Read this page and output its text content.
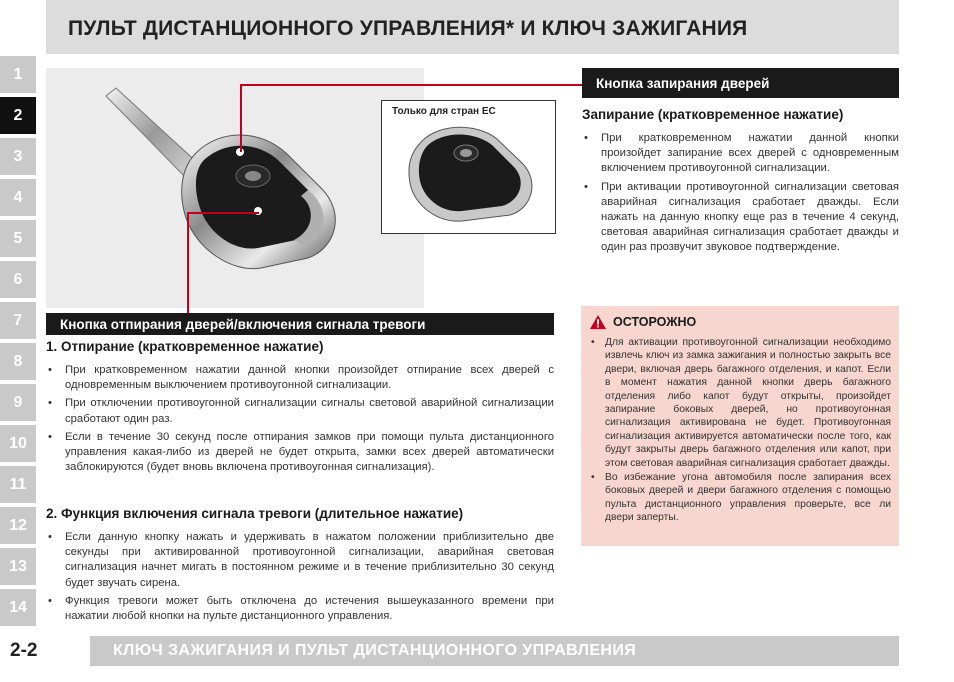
ПУЛЬТ ДИСТАНЦИОННОГО УПРАВЛЕНИЯ* И КЛЮЧ ЗАЖИГАНИЯ
1
2
3
4
5
6
7
8
9
10
11
12
13
14
Только для стран ЕС
Кнопка запирания дверей
Запирание (кратковременное нажатие)
• При кратковременном нажатии данной кнопки произойдет запирание всех дверей с одновременным включением противоугонной сигнализации.
• При активации противоугонной сигнализации световая аварийная сигнализация сработает дважды. Если нажать на данную кнопку еще раз в течение 4 секунд, световая аварийная сигнализация сработает дважды и один раз прозвучит звуковое подтверждение.
ОСТОРОЖНО
• Для активации противоугонной сигнализации необходимо извлечь ключ из замка зажигания и полностью закрыть все двери, включая дверь багажного отделения, и капот. Если в момент нажатия данной кнопки дверь багажного отделения либо капот будут открыты, произойдет запирание боковых дверей, но противоугонная сигнализация активирована не будет. Противоугонная сигнализация активируется автоматически после того, как будут закрыты дверь багажного отделения или капот, при этом световая аварийная сигнализация сработает дважды.
• Во избежание угона автомобиля после запирания всех боковых дверей и двери багажного отделения с помощью пульта дистанционного управления проверьте, все ли двери заперты.
Кнопка отпирания дверей/включения сигнала тревоги
1. Отпирание (кратковременное нажатие)
• При кратковременном нажатии данной кнопки произойдет отпирание всех дверей с одновременным выключением противоугонной сигнализации.
• При отключении противоугонной сигнализации сигналы световой аварийной сигнализации сработают один раз.
• Если в течение 30 секунд после отпирания замков при помощи пульта дистанционного управления какая-либо из дверей не будет открыта, замки всех дверей автоматически заблокируются (будет вновь включена противоугонная сигнализация).
2. Функция включения сигнала тревоги (длительное нажатие)
• Если данную кнопку нажать и удерживать в нажатом положении приблизительно две секунды при активированной противоугонной сигнализации, аварийная световая сигнализация начнет мигать в постоянном режиме и в течение приблизительно 30 секунд будет звучать сирена.
• Функция тревоги может быть отключена до истечения вышеуказанного времени при нажатии любой кнопки на пульте дистанционного управления.
2-2	КЛЮЧ ЗАЖИГАНИЯ И ПУЛЬТ ДИСТАНЦИОННОГО УПРАВЛЕНИЯ
